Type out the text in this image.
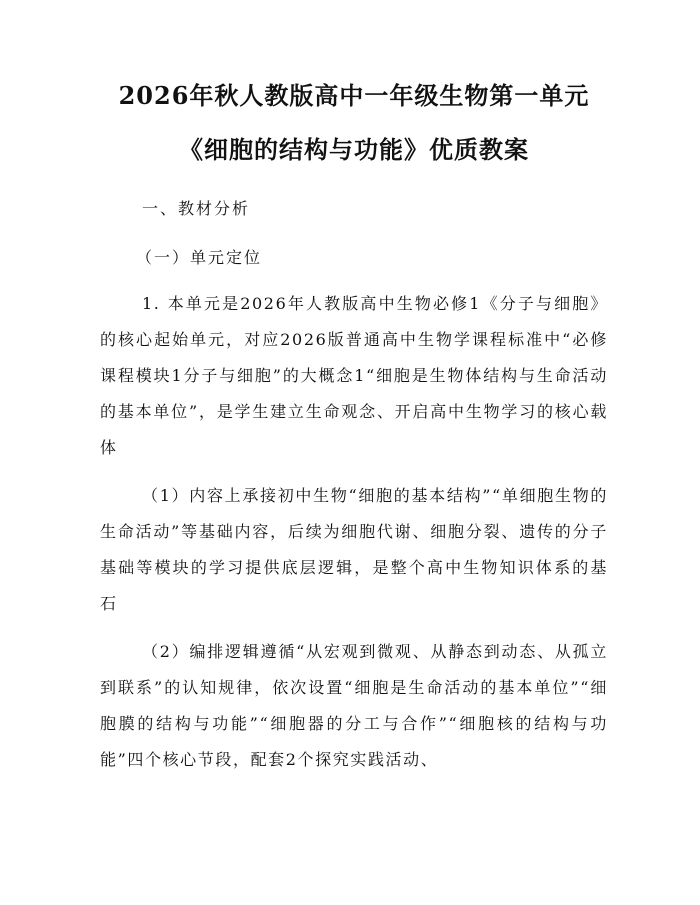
2026年秋人教版高中一年级生物第一单元
《细胞的结构与功能》优质教案

一、教材分析

（一）单元定位

1. 本单元是2026年人教版高中生物必修1《分子与细胞》的核心起始单元，对应2026版普通高中生物学课程标准中“必修课程模块1分子与细胞”的大概念1“细胞是生物体结构与生命活动的基本单位”，是学生建立生命观念、开启高中生物学习的核心载体

（1）内容上承接初中生物“细胞的基本结构”“单细胞生物的生命活动”等基础内容，后续为细胞代谢、细胞分裂、遗传的分子基础等模块的学习提供底层逻辑，是整个高中生物知识体系的基石

（2）编排逻辑遵循“从宏观到微观、从静态到动态、从孤立到联系”的认知规律，依次设置“细胞是生命活动的基本单位”“细胞膜的结构与功能”“细胞器的分工与合作”“细胞核的结构与功能”四个核心节段，配套2个探究实践活动、
